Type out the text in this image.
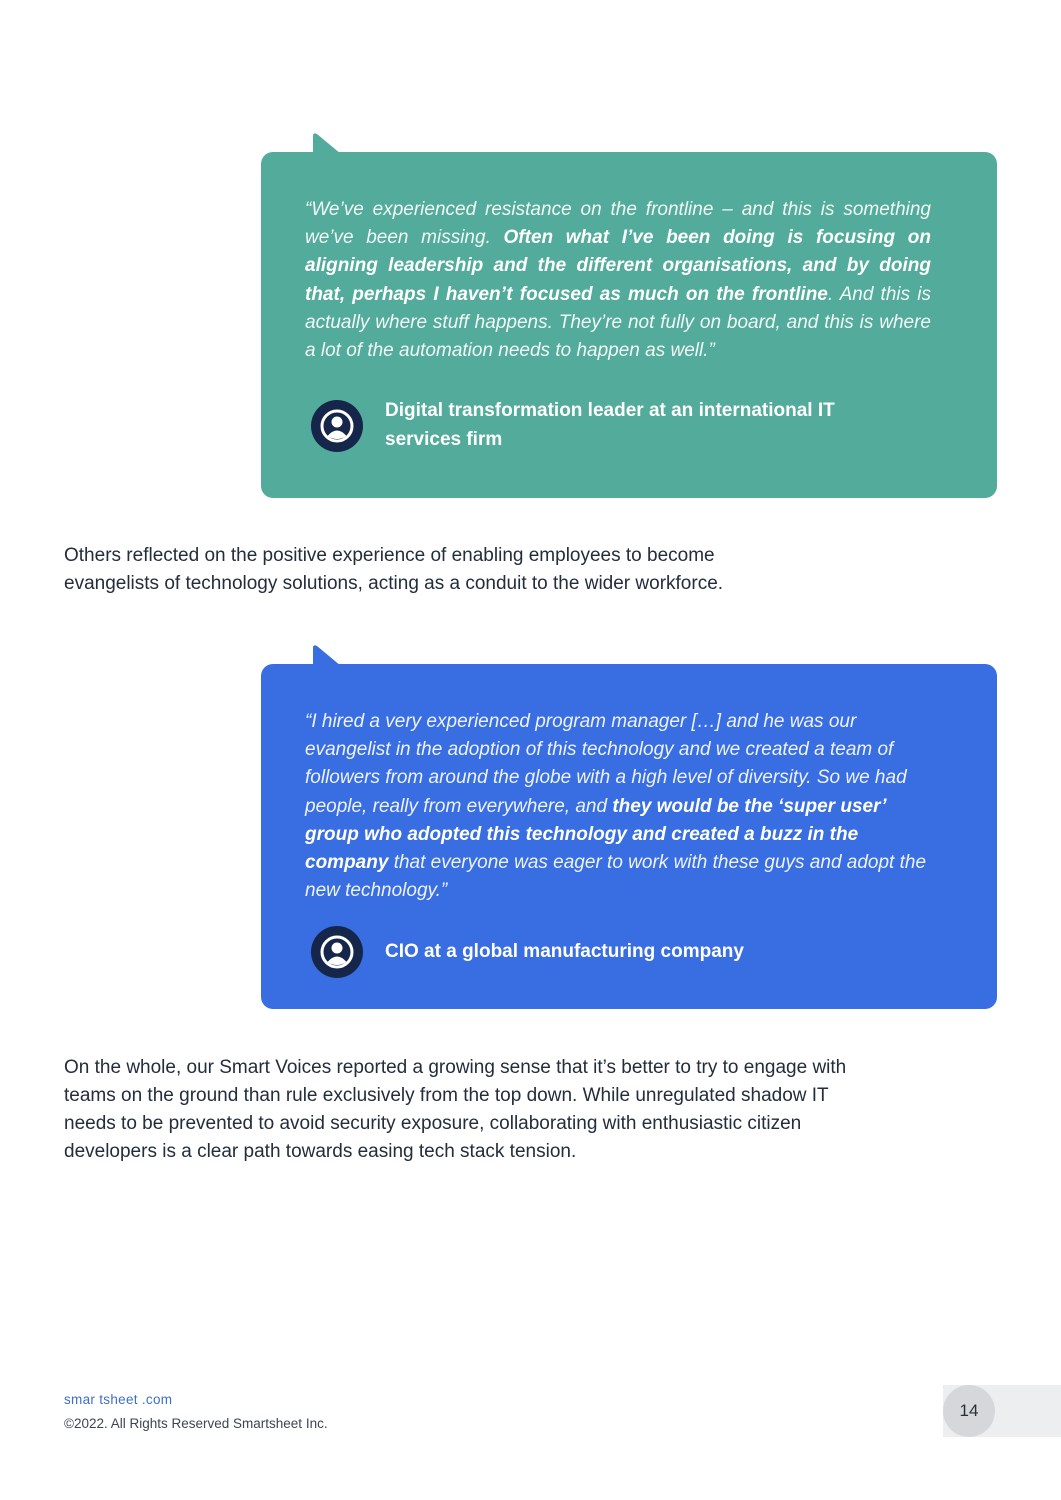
“We’ve experienced resistance on the frontline – and this is something we’ve been missing. Often what I’ve been doing is focusing on aligning leadership and the different organisations, and by doing that, perhaps I haven’t focused as much on the frontline. And this is actually where stuff happens. They’re not fully on board, and this is where a lot of the automation needs to happen as well.”

Digital transformation leader at an international IT services firm

Others reflected on the positive experience of enabling employees to become evangelists of technology solutions, acting as a conduit to the wider workforce.

“I hired a very experienced program manager […] and he was our evangelist in the adoption of this technology and we created a team of followers from around the globe with a high level of diversity. So we had people, really from everywhere, and they would be the ‘super user’ group who adopted this technology and created a buzz in the company that everyone was eager to work with these guys and adopt the new technology.”

CIO at a global manufacturing company

On the whole, our Smart Voices reported a growing sense that it’s better to try to engage with teams on the ground than rule exclusively from the top down. While unregulated shadow IT needs to be prevented to avoid security exposure, collaborating with enthusiastic citizen developers is a clear path towards easing tech stack tension.

smar tsheet .com
©2022. All Rights Reserved Smartsheet Inc.
14
